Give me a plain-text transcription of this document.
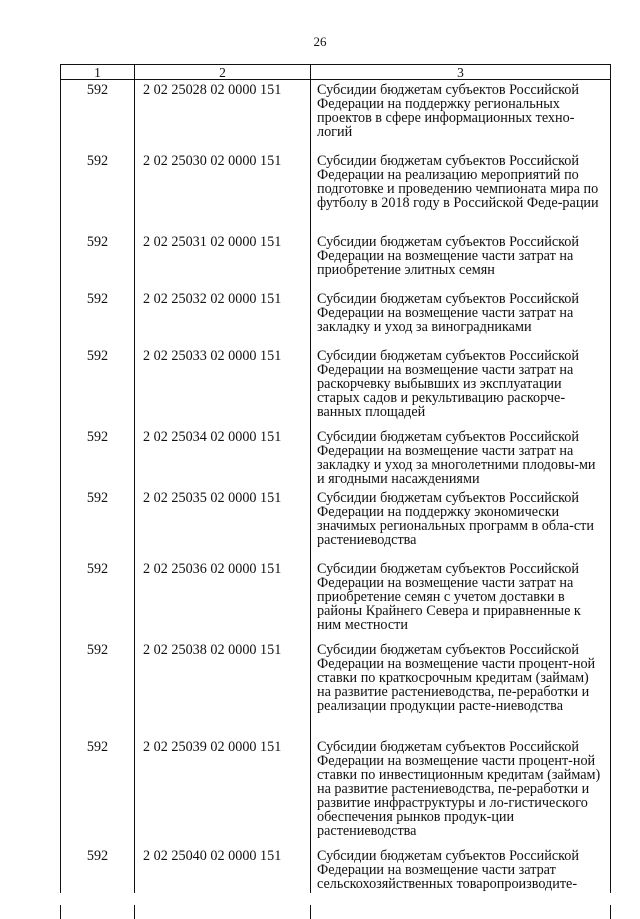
26
1	2	3
592	2 02 25028 02 0000 151	Субсидии бюджетам субъектов Российской Федерации на поддержку региональных проектов в сфере информационных техно-логий
592	2 02 25030 02 0000 151	Субсидии бюджетам субъектов Российской Федерации на реализацию мероприятий по подготовке и проведению чемпионата мира по футболу в 2018 году в Российской Феде-рации
592	2 02 25031 02 0000 151	Субсидии бюджетам субъектов Российской Федерации на возмещение части затрат на приобретение элитных семян
592	2 02 25032 02 0000 151	Субсидии бюджетам субъектов Российской Федерации на возмещение части затрат на закладку и уход за виноградниками
592	2 02 25033 02 0000 151	Субсидии бюджетам субъектов Российской Федерации на возмещение части затрат на раскорчевку выбывших из эксплуатации старых садов и рекультивацию раскорче-ванных площадей
592	2 02 25034 02 0000 151	Субсидии бюджетам субъектов Российской Федерации на возмещение части затрат на закладку и уход за многолетними плодовы-ми и ягодными насаждениями
592	2 02 25035 02 0000 151	Субсидии бюджетам субъектов Российской Федерации на поддержку экономически значимых региональных программ в обла-сти растениеводства
592	2 02 25036 02 0000 151	Субсидии бюджетам субъектов Российской Федерации на возмещение части затрат на приобретение семян с учетом доставки в районы Крайнего Севера и приравненные к ним местности
592	2 02 25038 02 0000 151	Субсидии бюджетам субъектов Российской Федерации на возмещение части процент-ной ставки по краткосрочным кредитам (займам) на развитие растениеводства, пе-реработки и реализации продукции расте-ниеводства
592	2 02 25039 02 0000 151	Субсидии бюджетам субъектов Российской Федерации на возмещение части процент-ной ставки по инвестиционным кредитам (займам) на развитие растениеводства, пе-реработки и развитие инфраструктуры и ло-гистического обеспечения рынков продук-ции растениеводства
592	2 02 25040 02 0000 151	Субсидии бюджетам субъектов Российской Федерации на возмещение части затрат сельскохозяйственных товаропроизводите-
